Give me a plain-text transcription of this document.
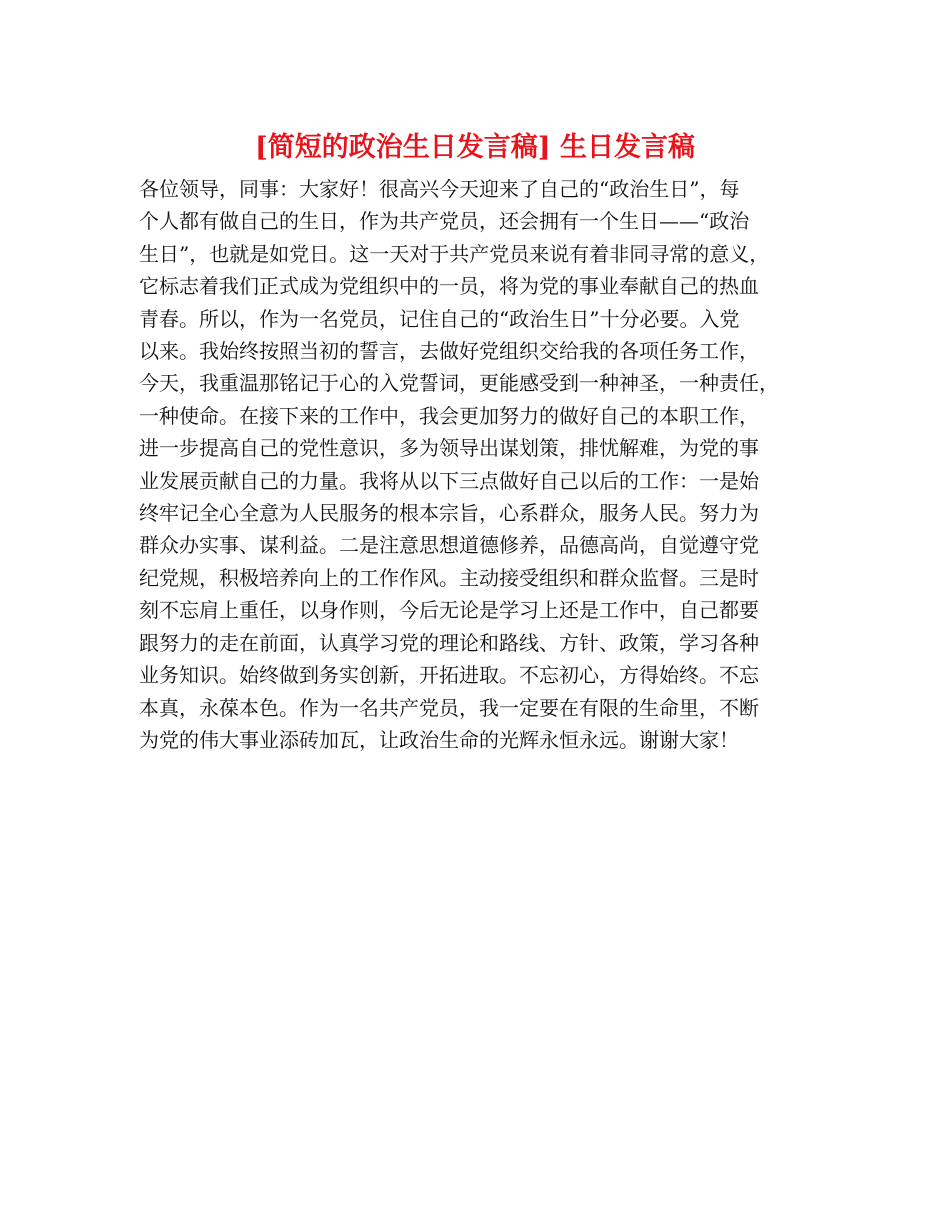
[简短的政治生日发言稿] 生日发言稿
各位领导，同事：大家好！很高兴今天迎来了自己的“政治生日”，每
个人都有做自己的生日，作为共产党员，还会拥有一个生日——“政治
生日”，也就是如党日。这一天对于共产党员来说有着非同寻常的意义，
它标志着我们正式成为党组织中的一员，将为党的事业奉献自己的热血
青春。所以，作为一名党员，记住自己的“政治生日”十分必要。入党
以来。我始终按照当初的誓言，去做好党组织交给我的各项任务工作，
今天，我重温那铭记于心的入党誓词，更能感受到一种神圣，一种责任，
一种使命。在接下来的工作中，我会更加努力的做好自己的本职工作，
进一步提高自己的党性意识，多为领导出谋划策，排忧解难，为党的事
业发展贡献自己的力量。我将从以下三点做好自己以后的工作：一是始
终牢记全心全意为人民服务的根本宗旨，心系群众，服务人民。努力为
群众办实事、谋利益。二是注意思想道德修养，品德高尚，自觉遵守党
纪党规，积极培养向上的工作作风。主动接受组织和群众监督。三是时
刻不忘肩上重任，以身作则，今后无论是学习上还是工作中，自己都要
跟努力的走在前面，认真学习党的理论和路线、方针、政策，学习各种
业务知识。始终做到务实创新，开拓进取。不忘初心，方得始终。不忘
本真，永葆本色。作为一名共产党员，我一定要在有限的生命里，不断
为党的伟大事业添砖加瓦，让政治生命的光辉永恒永远。谢谢大家！
